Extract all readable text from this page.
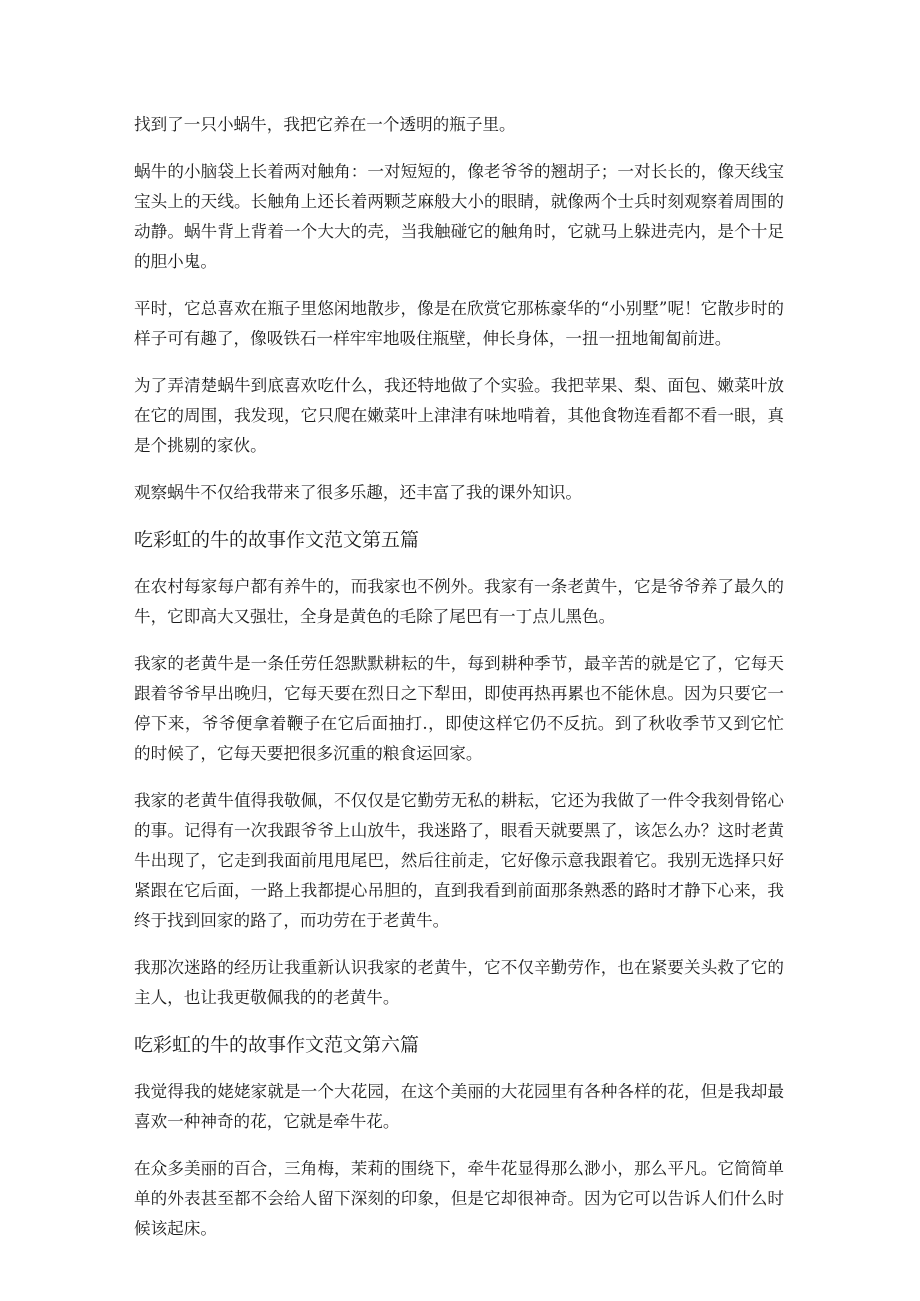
找到了一只小蜗牛，我把它养在一个透明的瓶子里。

蜗牛的小脑袋上长着两对触角：一对短短的，像老爷爷的翘胡子；一对长长的，像天线宝宝头上的天线。长触角上还长着两颗芝麻般大小的眼睛，就像两个士兵时刻观察着周围的动静。蜗牛背上背着一个大大的壳，当我触碰它的触角时，它就马上躲进壳内，是个十足的胆小鬼。

平时，它总喜欢在瓶子里悠闲地散步，像是在欣赏它那栋豪华的“小别墅”呢！它散步时的样子可有趣了，像吸铁石一样牢牢地吸住瓶壁，伸长身体，一扭一扭地匍匐前进。

为了弄清楚蜗牛到底喜欢吃什么，我还特地做了个实验。我把苹果、梨、面包、嫩菜叶放在它的周围，我发现，它只爬在嫩菜叶上津津有味地啃着，其他食物连看都不看一眼，真是个挑剔的家伙。

观察蜗牛不仅给我带来了很多乐趣，还丰富了我的课外知识。

吃彩虹的牛的故事作文范文第五篇

在农村每家每户都有养牛的，而我家也不例外。我家有一条老黄牛，它是爷爷养了最久的牛，它即高大又强壮，全身是黄色的毛除了尾巴有一丁点儿黑色。

我家的老黄牛是一条任劳任怨默默耕耘的牛，每到耕种季节，最辛苦的就是它了，它每天跟着爷爷早出晚归，它每天要在烈日之下犁田，即使再热再累也不能休息。因为只要它一停下来，爷爷便拿着鞭子在它后面抽打.，即使这样它仍不反抗。到了秋收季节又到它忙的时候了，它每天要把很多沉重的粮食运回家。

我家的老黄牛值得我敬佩，不仅仅是它勤劳无私的耕耘，它还为我做了一件令我刻骨铭心的事。记得有一次我跟爷爷上山放牛，我迷路了，眼看天就要黑了，该怎么办？这时老黄牛出现了，它走到我面前甩甩尾巴，然后往前走，它好像示意我跟着它。我别无选择只好紧跟在它后面，一路上我都提心吊胆的，直到我看到前面那条熟悉的路时才静下心来，我终于找到回家的路了，而功劳在于老黄牛。

我那次迷路的经历让我重新认识我家的老黄牛，它不仅辛勤劳作，也在紧要关头救了它的主人，也让我更敬佩我的的老黄牛。

吃彩虹的牛的故事作文范文第六篇

我觉得我的姥姥家就是一个大花园，在这个美丽的大花园里有各种各样的花，但是我却最喜欢一种神奇的花，它就是牵牛花。

在众多美丽的百合，三角梅，茉莉的围绕下，牵牛花显得那么渺小，那么平凡。它简简单单的外表甚至都不会给人留下深刻的印象，但是它却很神奇。因为它可以告诉人们什么时候该起床。
